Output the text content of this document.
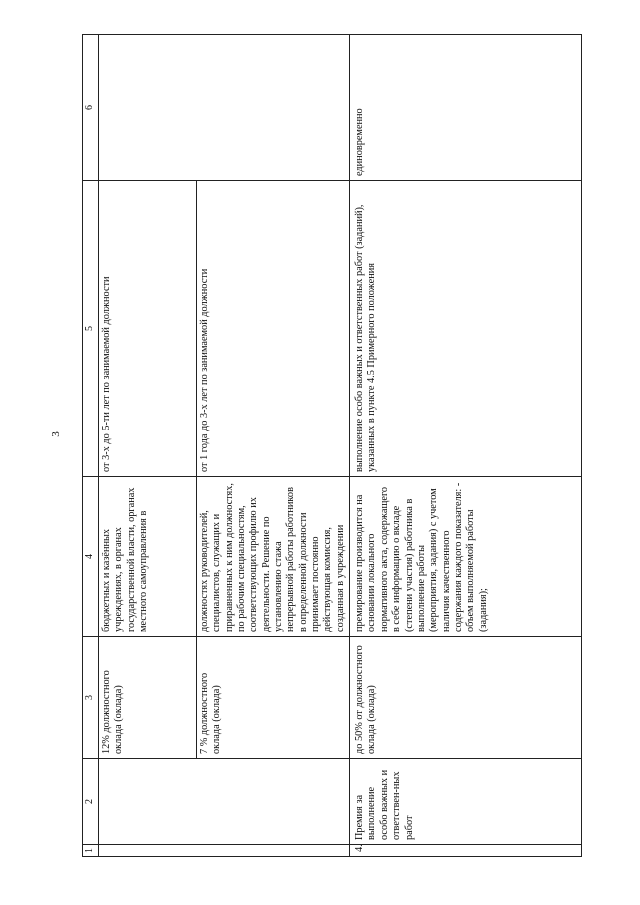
3
1	2	3	4	5	6
		12% должностного оклада (оклада)	бюджетных и казённых учреждениях, в органах государственной власти, органах местного самоуправления в	от 3-х до 5-ти лет по занимаемой должности	
		7 % должностного оклада (оклада)	должностях руководителей, специалистов, служащих и приравненных к ним должностях, по рабочим специальностям, соответствующих профилю их деятельности. Решение по установлению стажа непрерывной работы работников в определенной должности принимает постоянно действующая комиссия, созданная в учреждении	от 1 года до 3-х лет по занимаемой должности	
4.	Премия за выполнение особо важных и ответствен-ных работ	до 50% от должностного оклада (оклада)	премирование производится на основании локального нормативного акта, содержащего в себе информацию о вкладе (степени участия) работника в выполнение работы (мероприятия, задания) с учетом наличия качественного содержания каждого показателя: - объем выполняемой работы (задания);	выполнение особо важных и ответственных работ (заданий), указанных в пункте 4.5 Примерного положения	единовременно
